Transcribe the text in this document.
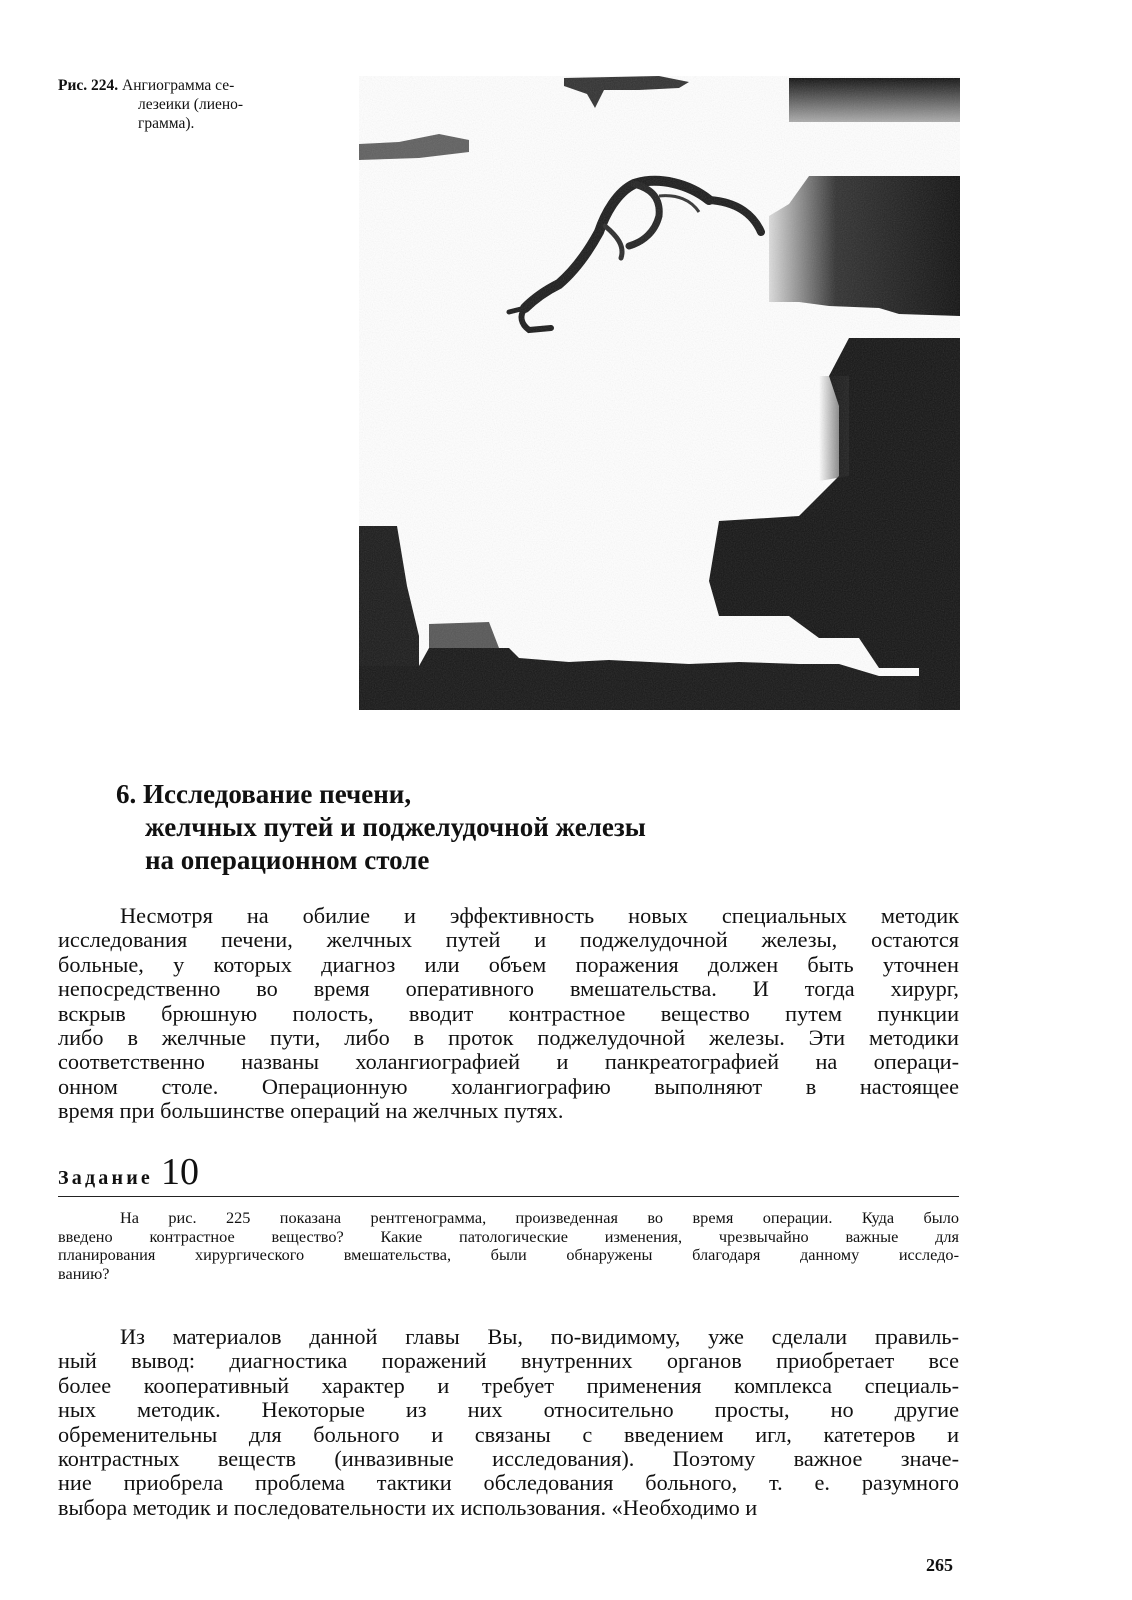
Рис. 224. Ангиограмма се-
лезеики (лиено-
грамма).

6. Исследование печени,
желчных путей и поджелудочной железы
на операционном столе

Несмотря на обилие и эффективность новых специальных методик
исследования печени, желчных путей и поджелудочной железы, остаются
больные, у которых диагноз или объем поражения должен быть уточнен
непосредственно во время оперативного вмешательства. И тогда хирург,
вскрыв брюшную полость, вводит контрастное вещество путем пункции
либо в желчные пути, либо в проток поджелудочной железы. Эти методики
соответственно названы холангиографией и панкреатографией на операци-
онном столе. Операционную холангиографию выполняют в настоящее
время при большинстве операций на желчных путях.

Задание 10

На рис. 225 показана рентгенограмма, произведенная во время операции. Куда было
введено контрастное вещество? Какие патологические изменения, чрезвычайно важные для
планирования хирургического вмешательства, были обнаружены благодаря данному исследо-
ванию?

Из материалов данной главы Вы, по-видимому, уже сделали правиль-
ный вывод: диагностика поражений внутренних органов приобретает все
более кооперативный характер и требует применения комплекса специаль-
ных методик. Некоторые из них относительно просты, но другие
обременительны для больного и связаны с введением игл, катетеров и
контрастных веществ (инвазивные исследования). Поэтому важное значе-
ние приобрела проблема тактики обследования больного, т. е. разумного
выбора методик и последовательности их использования. «Необходимо и

265
